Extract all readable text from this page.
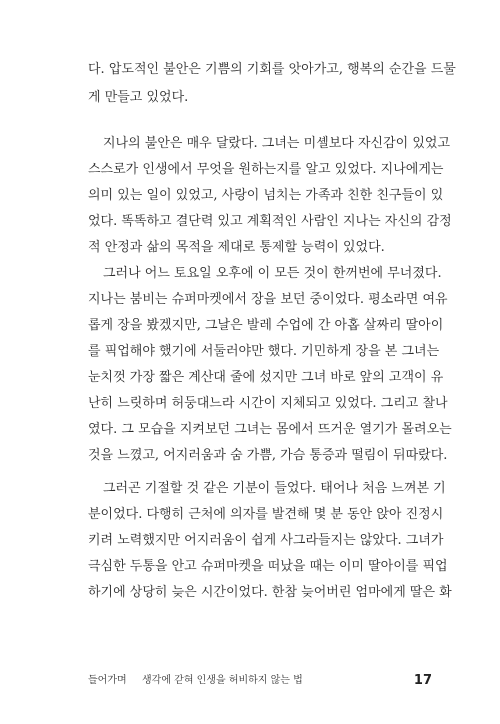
다. 압도적인 불안은 기쁨의 기회를 앗아가고, 행복의 순간을 드물
게 만들고 있었다.
지나의 불안은 매우 달랐다. 그녀는 미셸보다 자신감이 있었고
스스로가 인생에서 무엇을 원하는지를 알고 있었다. 지나에게는
의미 있는 일이 있었고, 사랑이 넘치는 가족과 친한 친구들이 있
었다. 똑똑하고 결단력 있고 계획적인 사람인 지나는 자신의 감정
적 안정과 삶의 목적을 제대로 통제할 능력이 있었다.
그러나 어느 토요일 오후에 이 모든 것이 한꺼번에 무너졌다.
지나는 붐비는 슈퍼마켓에서 장을 보던 중이었다. 평소라면 여유
롭게 장을 봤겠지만, 그날은 발레 수업에 간 아홉 살짜리 딸아이
를 픽업해야 했기에 서둘러야만 했다. 기민하게 장을 본 그녀는
눈치껏 가장 짧은 계산대 줄에 섰지만 그녀 바로 앞의 고객이 유
난히 느릿하며 허둥대느라 시간이 지체되고 있었다. 그리고 찰나
였다. 그 모습을 지켜보던 그녀는 몸에서 뜨거운 열기가 몰려오는
것을 느꼈고, 어지러움과 숨 가쁨, 가슴 통증과 떨림이 뒤따랐다.
그러곤 기절할 것 같은 기분이 들었다. 태어나 처음 느껴본 기
분이었다. 다행히 근처에 의자를 발견해 몇 분 동안 앉아 진정시
키려 노력했지만 어지러움이 쉽게 사그라들지는 않았다. 그녀가
극심한 두통을 안고 슈퍼마켓을 떠났을 때는 이미 딸아이를 픽업
하기에 상당히 늦은 시간이었다. 한참 늦어버린 엄마에게 딸은 화
들어가며 생각에 갇혀 인생을 허비하지 않는 법	17
